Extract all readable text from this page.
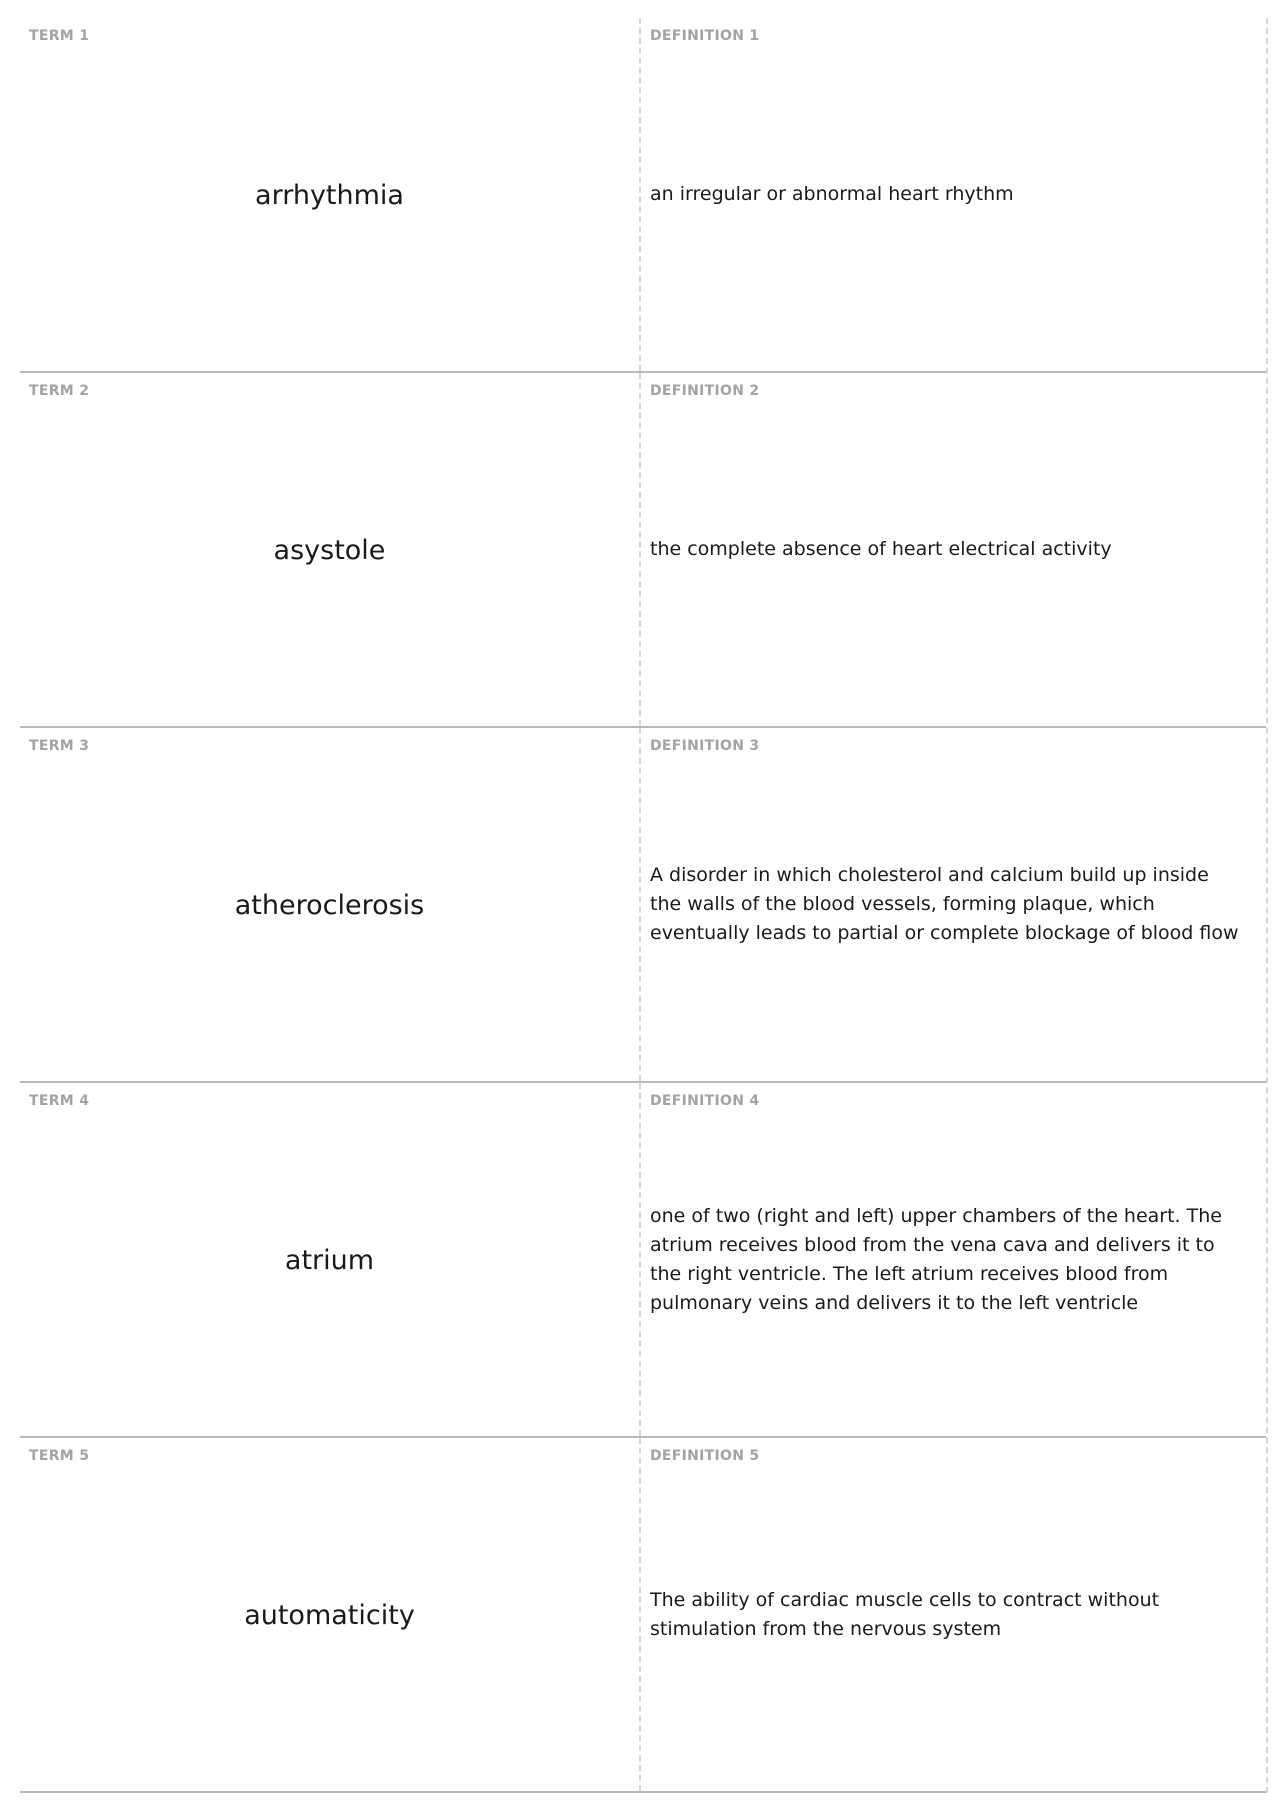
TERM 1
arrhythmia
DEFINITION 1
an irregular or abnormal heart rhythm
TERM 2
asystole
DEFINITION 2
the complete absence of heart electrical activity
TERM 3
atheroclerosis
DEFINITION 3
A disorder in which cholesterol and calcium build up inside the walls of the blood vessels, forming plaque, which eventually leads to partial or complete blockage of blood flow
TERM 4
atrium
DEFINITION 4
one of two (right and left) upper chambers of the heart. The atrium receives blood from the vena cava and delivers it to the right ventricle. The left atrium receives blood from pulmonary veins and delivers it to the left ventricle
TERM 5
automaticity
DEFINITION 5
The ability of cardiac muscle cells to contract without stimulation from the nervous system
